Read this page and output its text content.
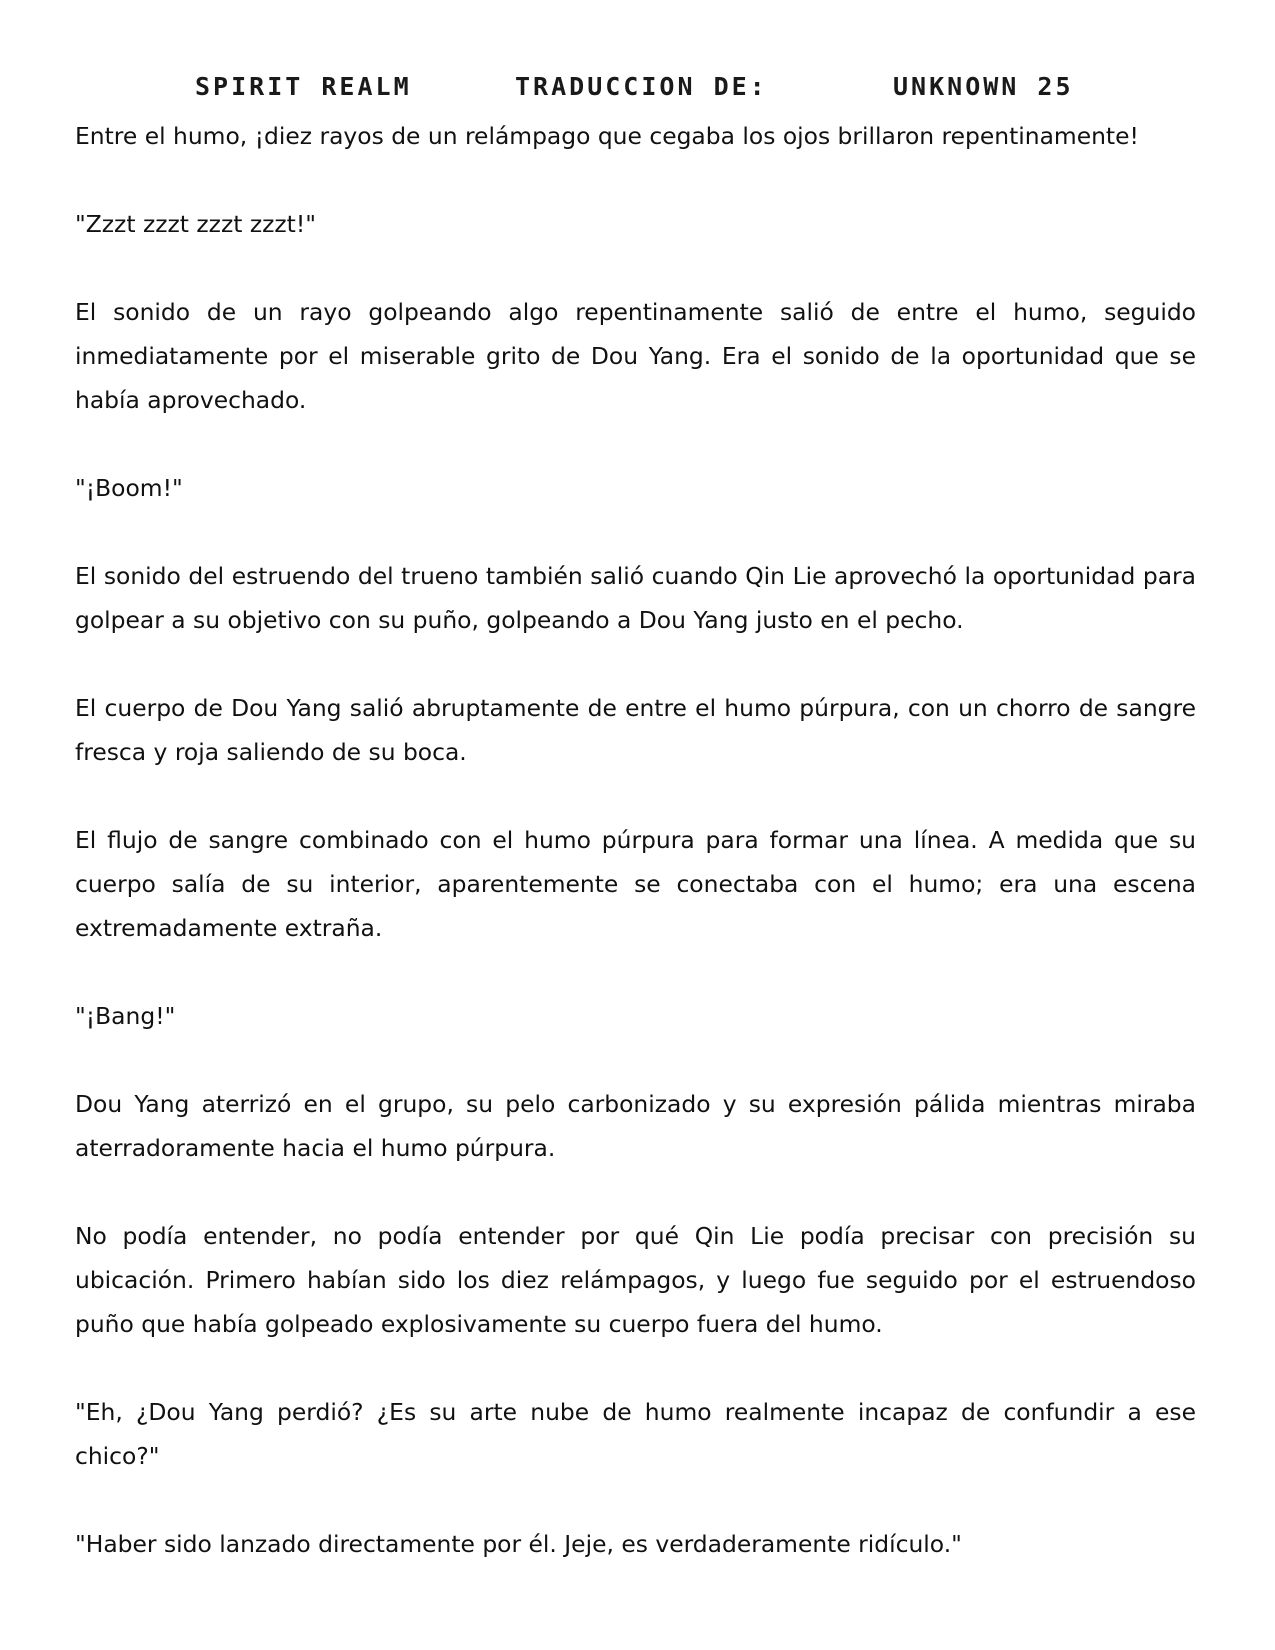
SPIRIT REALM	TRADUCCION DE:	UNKNOWN 25

Entre el humo, ¡diez rayos de un relámpago que cegaba los ojos brillaron repentinamente!

"Zzzt zzzt zzzt zzzt!"

El sonido de un rayo golpeando algo repentinamente salió de entre el humo, seguido inmediatamente por el miserable grito de Dou Yang. Era el sonido de la oportunidad que se había aprovechado.

"¡Boom!"

El sonido del estruendo del trueno también salió cuando Qin Lie aprovechó la oportunidad para golpear a su objetivo con su puño, golpeando a Dou Yang justo en el pecho.

El cuerpo de Dou Yang salió abruptamente de entre el humo púrpura, con un chorro de sangre fresca y roja saliendo de su boca.

El flujo de sangre combinado con el humo púrpura para formar una línea. A medida que su cuerpo salía de su interior, aparentemente se conectaba con el humo; era una escena extremadamente extraña.

"¡Bang!"

Dou Yang aterrizó en el grupo, su pelo carbonizado y su expresión pálida mientras miraba aterradoramente hacia el humo púrpura.

No podía entender, no podía entender por qué Qin Lie podía precisar con precisión su ubicación. Primero habían sido los diez relámpagos, y luego fue seguido por el estruendoso puño que había golpeado explosivamente su cuerpo fuera del humo.

"Eh, ¿Dou Yang perdió? ¿Es su arte nube de humo realmente incapaz de confundir a ese chico?"

"Haber sido lanzado directamente por él. Jeje, es verdaderamente ridículo."
